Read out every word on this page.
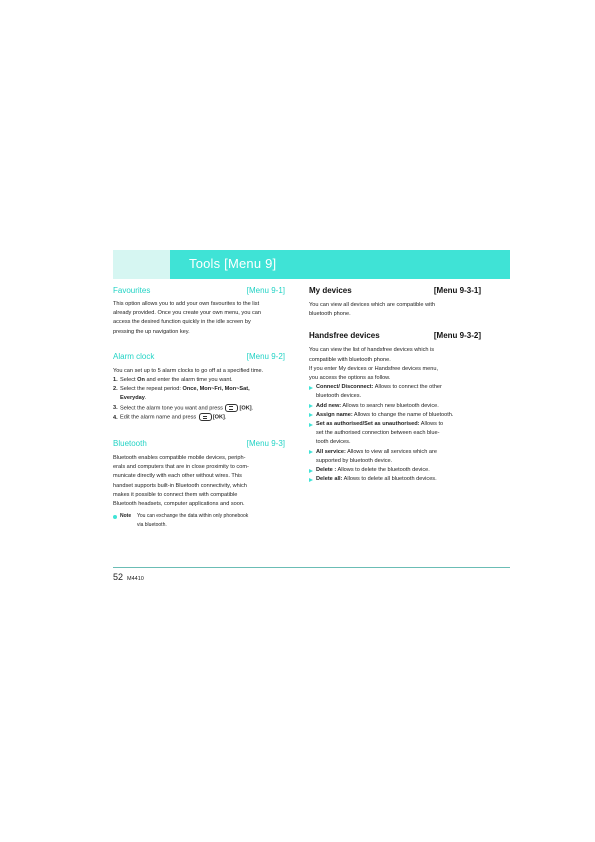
Tools [Menu 9]
Favourites	[Menu 9-1]

This option allows you to add your own favourites to the list

already provided. Once you create your own menu, you can

access the desired function quickly in the idle screen by

pressing the up navigation key.

Alarm clock	[Menu 9-2]

You can set up to 5 alarm clocks to go off at a specified time.

1. Select On and enter the alarm time you want.
2. Select the repeat period: Once, Mon~Fri, Mon~Sat,
Everyday.
3. Select the alarm tone you want and press	[OK].
4. Edit the alarm name and press	[OK].
Bluetooth	[Menu 9-3]

Bluetooth enables compatible mobile devices, periph-

erals and computers that are in close proximity to com-

municate directly with each other without wires. This

handset supports built-in Bluetooth connectivity, which

makes it possible to connect them with compatible

Bluetooth headsets, computer applications and soon.

Note You can exchange the data within only phonebook
via bluetooth.
My devices	[Menu 9-3-1]

You can view all devices which are compatible with

bluetooth phone.

Handsfree devices	[Menu 9-3-2]

You can view the list of handsfree devices which is

compatible with bluetooth phone.

If you enter My devices or Handsfree devices menu,

you access the options as follow.

Connect/ Disconnect: Allows to connect the other
bluetooth devices.
Add new: Allows to search new bluetooth device.
Assign name: Allows to change the name of bluetooth.
Set as authorised/Set as unauthorised: Allows to
set the authorised connection between each blue-
tooth devices.
All service: Allows to view all services which are
supported by bluetooth device.
Delete : Allows to delete the bluetooth device.
Delete all: Allows to delete all bluetooth devices.
52 M4410
